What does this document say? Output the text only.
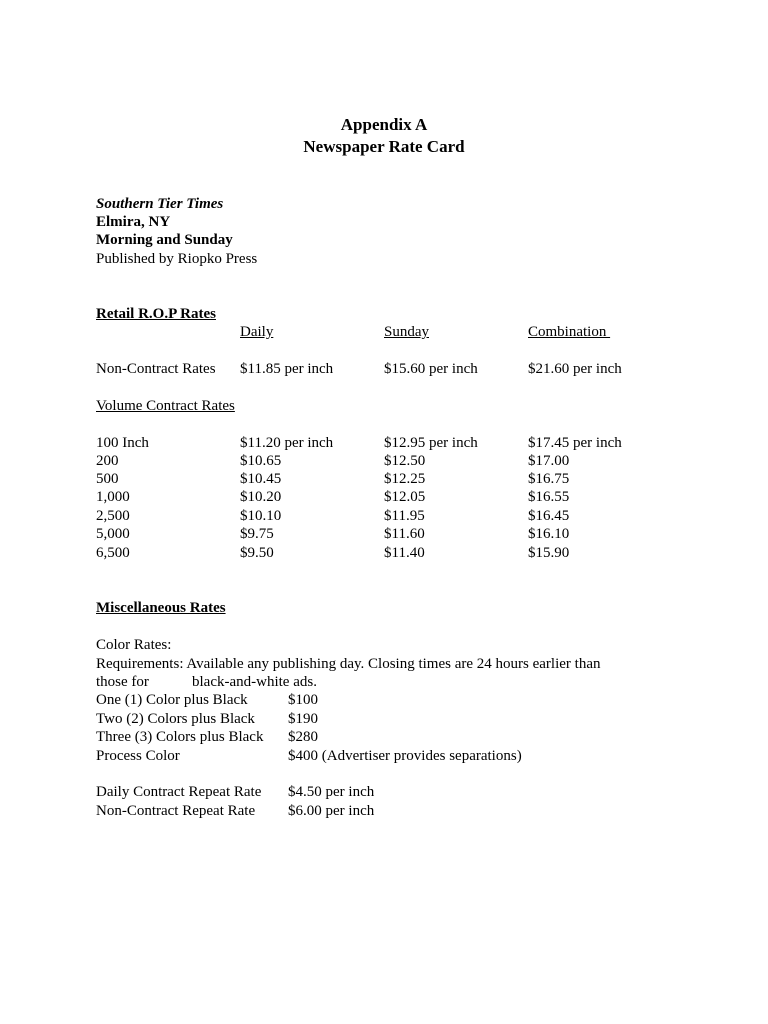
Appendix A
Newspaper Rate Card
Southern Tier Times
Elmira, NY
Morning and Sunday
Published by Riopko Press
Retail R.O.P Rates
Daily	Sunday	Combination
Non-Contract Rates $11.85 per inch	$15.60 per inch	$21.60 per inch
Volume Contract Rates
100 Inch	$11.20 per inch	$12.95 per inch	$17.45 per inch
200	$10.65	$12.50	$17.00
500	$10.45	$12.25	$16.75
1,000	$10.20	$12.05	$16.55
2,500	$10.10	$11.95	$16.45
5,000	$9.75	$11.60	$16.10
6,500	$9.50	$11.40	$15.90
Miscellaneous Rates
Color Rates:
Requirements: Available any publishing day. Closing times are 24 hours earlier than
those for	black-and-white ads.
One (1) Color plus Black	$100
Two (2) Colors plus Black $190
Three (3) Colors plus Black $280
Process Color	$400 (Advertiser provides separations)
Daily Contract Repeat Rate $4.50 per inch
Non-Contract Repeat Rate $6.00 per inch
